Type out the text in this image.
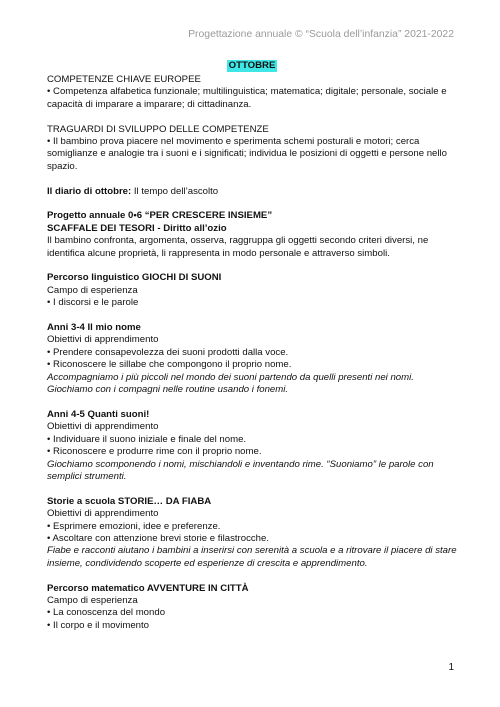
Progettazione annuale © “Scuola dell’infanzia” 2021-2022
OTTOBRE

COMPETENZE CHIAVE EUROPEE

• Competenza alfabetica funzionale; multilinguistica; matematica; digitale; personale, sociale e capacità di imparare a imparare; di cittadinanza.

TRAGUARDI DI SVILUPPO DELLE COMPETENZE

• Il bambino prova piacere nel movimento e sperimenta schemi posturali e motori; cerca somiglianze e analogie tra i suoni e i significati; individua le posizioni di oggetti e persone nello spazio.

Il diario di ottobre: Il tempo dell’ascolto

Progetto annuale 0•6 “PER CRESCERE INSIEME”

SCAFFALE DEI TESORI - Diritto all’ozio

Il bambino confronta, argomenta, osserva, raggruppa gli oggetti secondo criteri diversi, ne identifica alcune proprietà, li rappresenta in modo personale e attraverso simboli.

Percorso linguistico GIOCHI DI SUONI

Campo di esperienza

• I discorsi e le parole

Anni 3-4 Il mio nome

Obiettivi di apprendimento

• Prendere consapevolezza dei suoni prodotti dalla voce.

• Riconoscere le sillabe che compongono il proprio nome.

Accompagniamo i più piccoli nel mondo dei suoni partendo da quelli presenti nei nomi. Giochiamo con i compagni nelle routine usando i fonemi.

Anni 4-5 Quanti suoni!

Obiettivi di apprendimento

• Individuare il suono iniziale e finale del nome.

• Riconoscere e produrre rime con il proprio nome.

Giochiamo scomponendo i nomi, mischiandoli e inventando rime. “Suoniamo” le parole con semplici strumenti.

Storie a scuola STORIE… DA FIABA

Obiettivi di apprendimento

• Esprimere emozioni, idee e preferenze.

• Ascoltare con attenzione brevi storie e filastrocche.

Fiabe e racconti aiutano i bambini a inserirsi con serenità a scuola e a ritrovare il piacere di stare insieme, condividendo scoperte ed esperienze di crescita e apprendimento.

Percorso matematico AVVENTURE IN CITTÀ

Campo di esperienza

• La conoscenza del mondo

• Il corpo e il movimento

1
